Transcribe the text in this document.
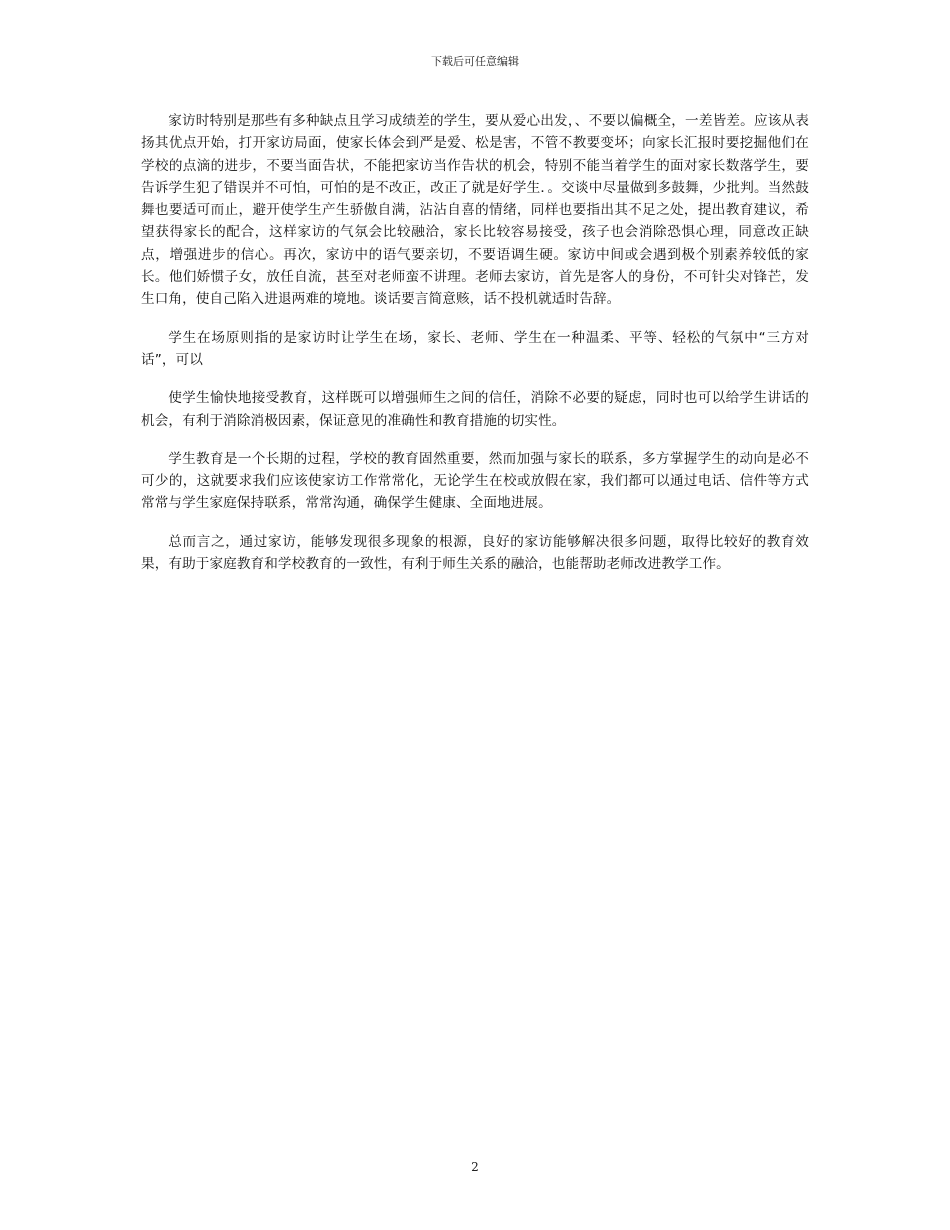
下载后可任意编辑

家访时特别是那些有多种缺点且学习成绩差的学生，要从爱心出发，、不要以偏概全，一差皆差。应该从表扬其优点开始，打开家访局面，使家长体会到严是爱、松是害，不管不教要变坏；向家长汇报时要挖掘他们在学校的点滴的进步，不要当面告状，不能把家访当作告状的机会，特别不能当着学生的面对家长数落学生，要告诉学生犯了错误并不可怕，可怕的是不改正，改正了就是好学生．。交谈中尽量做到多鼓舞，少批判。当然鼓舞也要适可而止，避开使学生产生骄傲自满，沾沾自喜的情绪，同样也要指出其不足之处，提出教育建议，希望获得家长的配合，这样家访的气氛会比较融洽，家长比较容易接受，孩子也会消除恐惧心理，同意改正缺点，增强进步的信心。再次，家访中的语气要亲切，不要语调生硬。家访中间或会遇到极个别素养较低的家长。他们娇惯子女，放任自流，甚至对老师蛮不讲理。老师去家访，首先是客人的身份，不可针尖对锋芒，发生口角，使自己陷入进退两难的境地。谈话要言简意赅，话不投机就适时告辞。

学生在场原则指的是家访时让学生在场，家长、老师、学生在一种温柔、平等、轻松的气氛中“三方对话”，可以

使学生愉快地接受教育，这样既可以增强师生之间的信任，消除不必要的疑虑，同时也可以给学生讲话的机会，有利于消除消极因素，保证意见的准确性和教育措施的切实性。

学生教育是一个长期的过程，学校的教育固然重要，然而加强与家长的联系，多方掌握学生的动向是必不可少的，这就要求我们应该使家访工作常常化，无论学生在校或放假在家，我们都可以通过电话、信件等方式常常与学生家庭保持联系，常常沟通，确保学生健康、全面地进展。

总而言之，通过家访，能够发现很多现象的根源，良好的家访能够解决很多问题，取得比较好的教育效果，有助于家庭教育和学校教育的一致性，有利于师生关系的融洽，也能帮助老师改进教学工作。

2
